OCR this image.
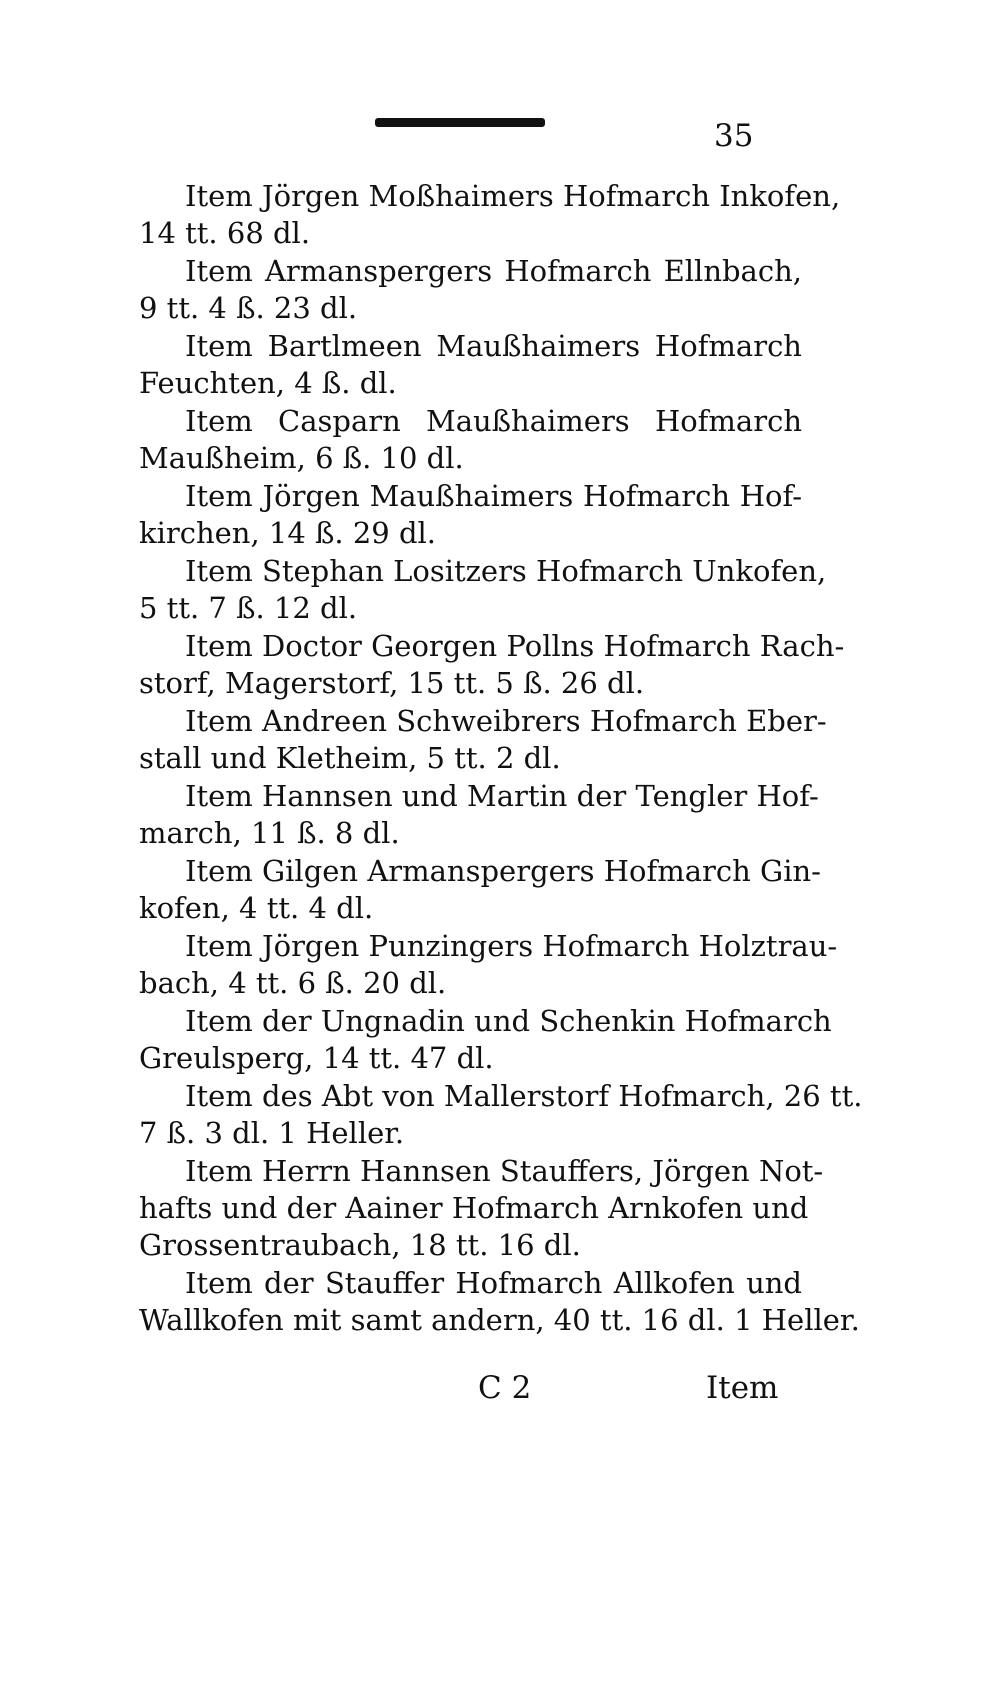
35

Item Jörgen Moßhaimers Hofmarch Inkofen,
14 tt. 68 dl.

Item Armanspergers Hofmarch Ellnbach,
9 tt. 4 ß. 23 dl.

Item Bartlmeen Maußhaimers Hofmarch
Feuchten, 4 ß. dl.

Item Casparn Maußhaimers Hofmarch
Maußheim, 6 ß. 10 dl.

Item Jörgen Maußhaimers Hofmarch Hof-
kirchen, 14 ß. 29 dl.

Item Stephan Lositzers Hofmarch Unkofen,
5 tt. 7 ß. 12 dl.

Item Doctor Georgen Pollns Hofmarch Rach-
storf, Magerstorf, 15 tt. 5 ß. 26 dl.

Item Andreen Schweibrers Hofmarch Eber-
stall und Kletheim, 5 tt. 2 dl.

Item Hannsen und Martin der Tengler Hof-
march, 11 ß. 8 dl.

Item Gilgen Armanspergers Hofmarch Gin-
kofen, 4 tt. 4 dl.

Item Jörgen Punzingers Hofmarch Holztrau-
bach, 4 tt. 6 ß. 20 dl.

Item der Ungnadin und Schenkin Hofmarch
Greulsperg, 14 tt. 47 dl.

Item des Abt von Mallerstorf Hofmarch, 26 tt.
7 ß. 3 dl. 1 Heller.

Item Herrn Hannsen Stauffers, Jörgen Not-
hafts und der Aainer Hofmarch Arnkofen und
Grossentraubach, 18 tt. 16 dl.

Item der Stauffer Hofmarch Allkofen und
Wallkofen mit samt andern, 40 tt. 16 dl. 1 Heller.

C 2	Item
